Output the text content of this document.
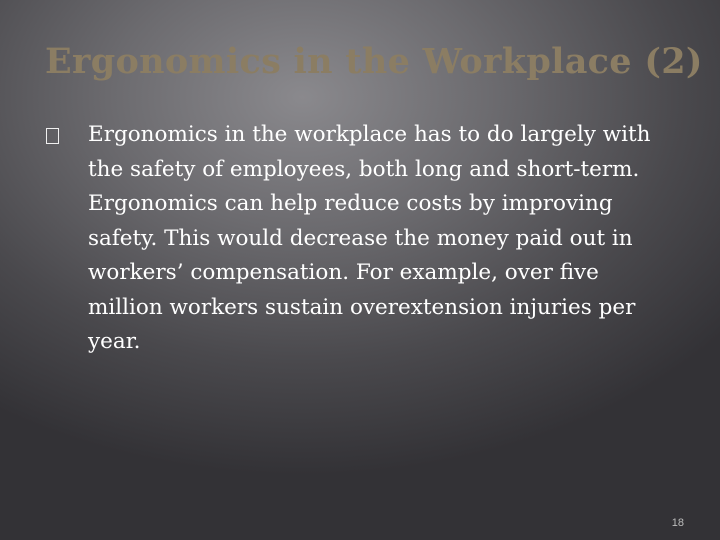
Ergonomics in the Workplace (2)
Ergonomics in the workplace has to do largely with the safety of employees, both long and short-term. Ergonomics can help reduce costs by improving safety. This would decrease the money paid out in workers’ compensation. For example, over five million workers sustain overextension injuries per year.
18
